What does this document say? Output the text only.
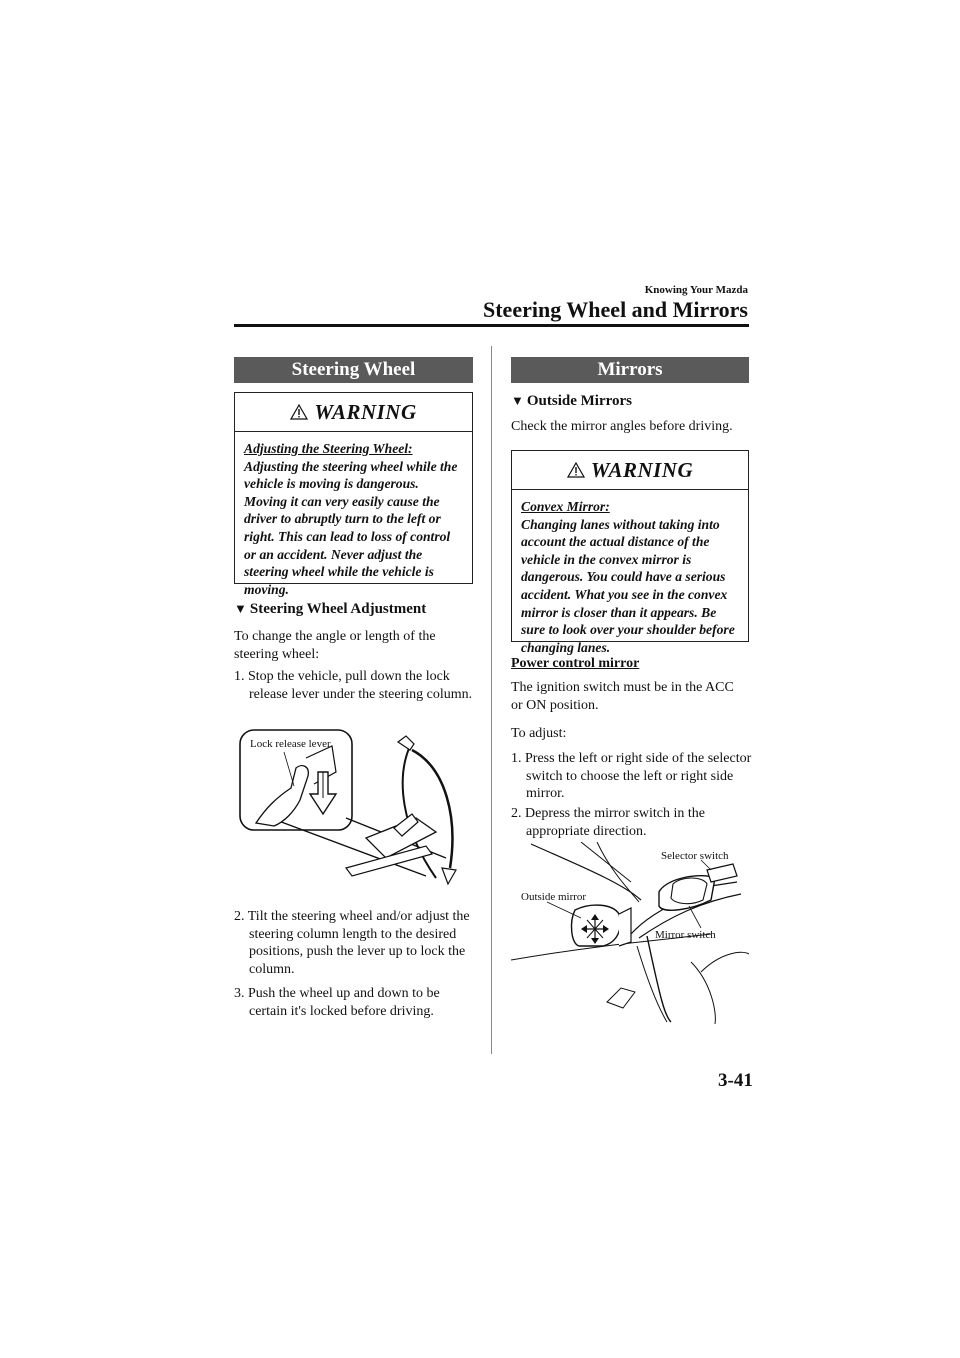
Knowing Your Mazda
Steering Wheel and Mirrors
Steering Wheel
WARNING
Adjusting the Steering Wheel:
Adjusting the steering wheel while the vehicle is moving is dangerous. Moving it can very easily cause the driver to abruptly turn to the left or right. This can lead to loss of control or an accident. Never adjust the steering wheel while the vehicle is moving.
▼ Steering Wheel Adjustment
To change the angle or length of the steering wheel:
1. Stop the vehicle, pull down the lock release lever under the steering column.
Lock release lever
2. Tilt the steering wheel and/or adjust the steering column length to the desired positions, push the lever up to lock the column.
3. Push the wheel up and down to be certain it's locked before driving.
Mirrors
▼ Outside Mirrors
Check the mirror angles before driving.
WARNING
Convex Mirror:
Changing lanes without taking into account the actual distance of the vehicle in the convex mirror is dangerous. You could have a serious accident. What you see in the convex mirror is closer than it appears. Be sure to look over your shoulder before changing lanes.
Power control mirror
The ignition switch must be in the ACC or ON position.
To adjust:
1. Press the left or right side of the selector switch to choose the left or right side mirror.
2. Depress the mirror switch in the appropriate direction.
Selector switch
Outside mirror
Mirror switch
3-41
